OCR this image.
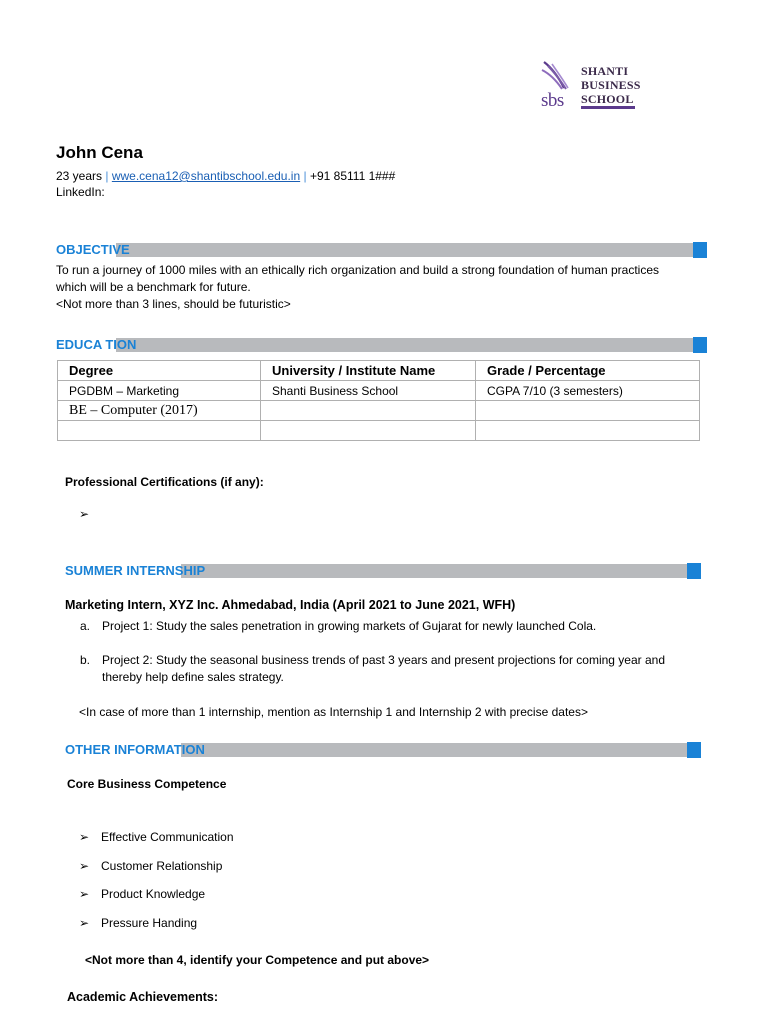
sbs
SHANTI
BUSINESS
SCHOOL
John Cena
23 years | wwe.cena12@shantibschool.edu.in | +91 85111 1###
LinkedIn:
OBJECTIVE
To run a journey of 1000 miles with an ethically rich organization and build a strong foundation of human practices
which will be a benchmark for future.
<Not more than 3 lines, should be futuristic>
EDUCA TION
Degree	University / Institute Name	Grade / Percentage
PGDBM – Marketing	Shanti Business School	CGPA 7/10 (3 semesters)
BE – Computer (2017)		

Professional Certifications (if any):
➢
SUMMER INTERNSHIP
Marketing Intern, XYZ Inc. Ahmedabad, India (April 2021 to June 2021, WFH)
a. Project 1: Study the sales penetration in growing markets of Gujarat for newly launched Cola.
b. Project 2: Study the seasonal business trends of past 3 years and present projections for coming year and
thereby help define sales strategy.
<In case of more than 1 internship, mention as Internship 1 and Internship 2 with precise dates>
OTHER INFORMATION
Core Business Competence
➢ Effective Communication
➢ Customer Relationship
➢ Product Knowledge
➢ Pressure Handing
<Not more than 4, identify your Competence and put above>
Academic Achievements:
